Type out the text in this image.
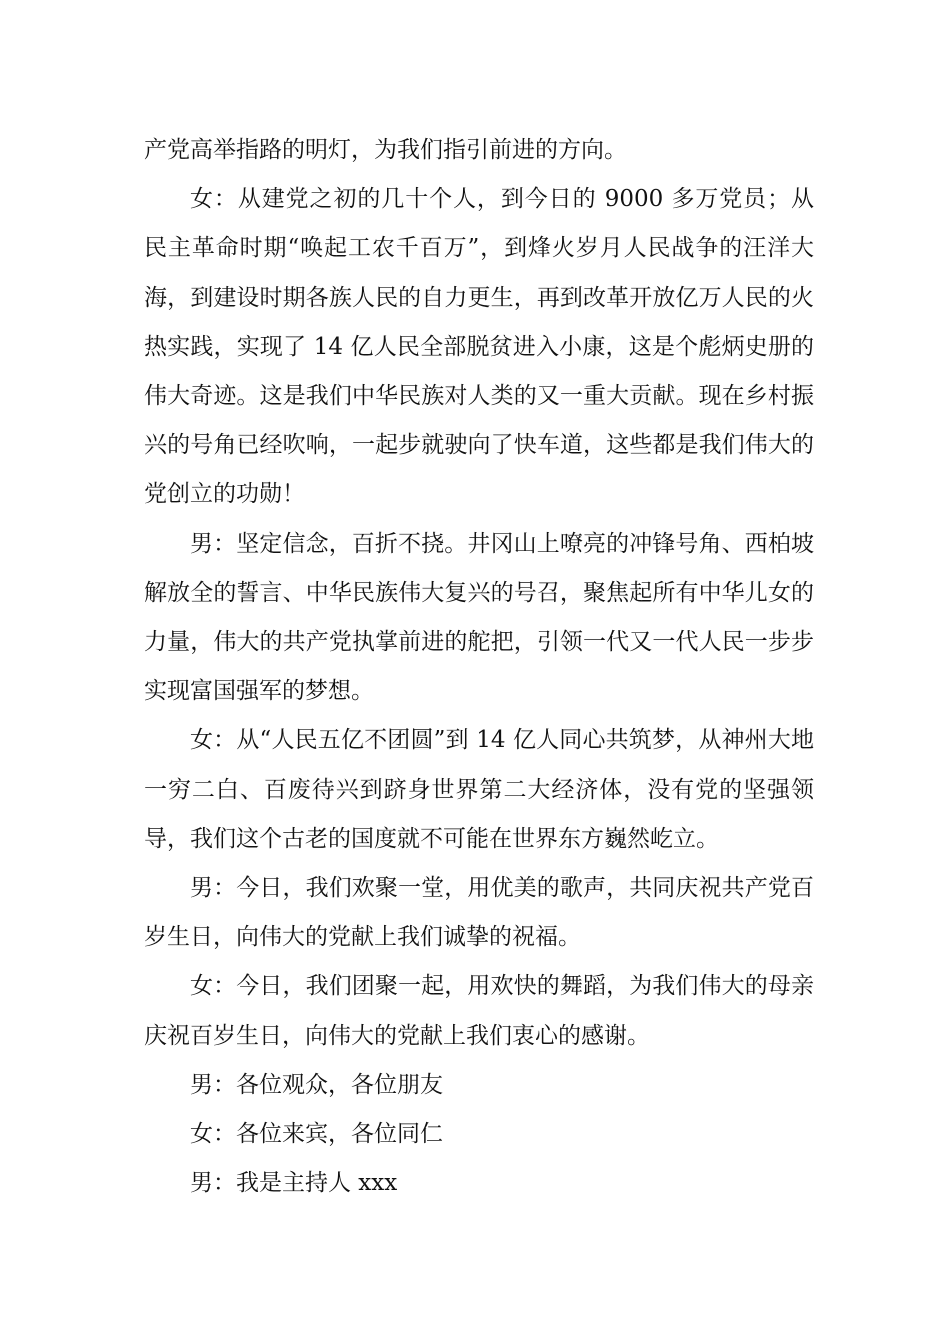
产党高举指路的明灯，为我们指引前进的方向。

女：从建党之初的几十个人，到今日的 9000 多万党员；从民主革命时期“唤起工农千百万”，到烽火岁月人民战争的汪洋大海，到建设时期各族人民的自力更生，再到改革开放亿万人民的火热实践，实现了 14 亿人民全部脱贫进入小康，这是个彪炳史册的伟大奇迹。这是我们中华民族对人类的又一重大贡献。现在乡村振兴的号角已经吹响，一起步就驶向了快车道，这些都是我们伟大的党创立的功勋！

男：坚定信念，百折不挠。井冈山上嘹亮的冲锋号角、西柏坡解放全的誓言、中华民族伟大复兴的号召，聚焦起所有中华儿女的力量，伟大的共产党执掌前进的舵把，引领一代又一代人民一步步实现富国强军的梦想。

女：从“人民五亿不团圆”到 14 亿人同心共筑梦，从神州大地一穷二白、百废待兴到跻身世界第二大经济体，没有党的坚强领导，我们这个古老的国度就不可能在世界东方巍然屹立。

男：今日，我们欢聚一堂，用优美的歌声，共同庆祝共产党百岁生日，向伟大的党献上我们诚挚的祝福。

女：今日，我们团聚一起，用欢快的舞蹈，为我们伟大的母亲庆祝百岁生日，向伟大的党献上我们衷心的感谢。

男：各位观众，各位朋友

女：各位来宾，各位同仁

男：我是主持人 xxx
